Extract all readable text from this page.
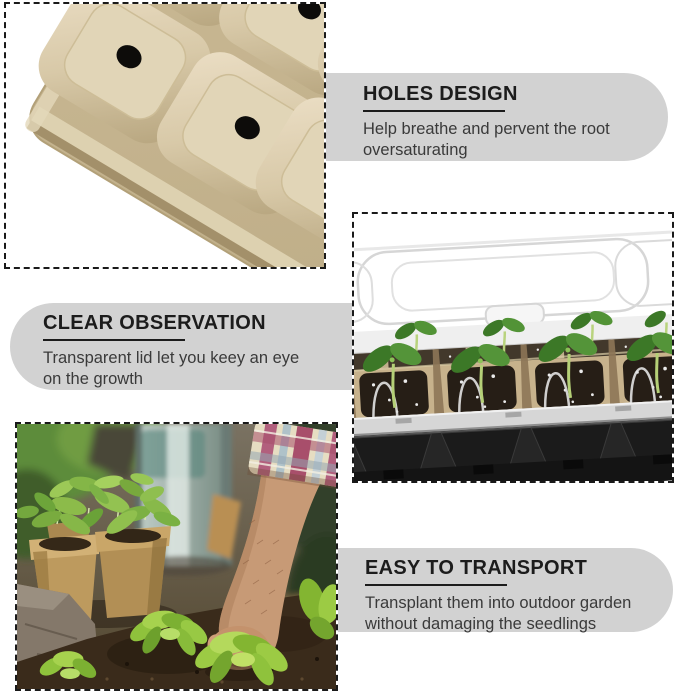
HOLES DESIGN

Help breathe and pervent the root
oversaturating

CLEAR OBSERVATION

Transparent lid let you keey an eye
on the growth

EASY TO TRANSPORT

Transplant them into outdoor garden
without damaging the seedlings
